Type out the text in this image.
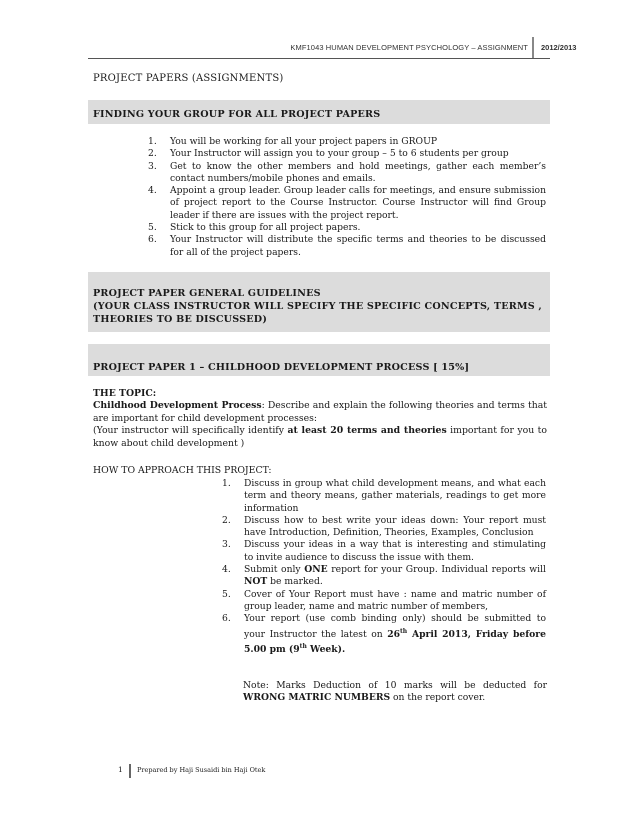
KMF1043 HUMAN DEVELOPMENT PSYCHOLOGY – ASSIGNMENT 2012/2013
PROJECT PAPERS (ASSIGNMENTS)
FINDING YOUR GROUP FOR ALL PROJECT PAPERS
1. You will be working for all your project papers in GROUP
2. Your Instructor will assign you to your group – 5 to 6 students per group
3. Get to know the other members and hold meetings, gather each member’s contact numbers/mobile phones and emails.
4. Appoint a group leader. Group leader calls for meetings, and ensure submission of project report to the Course Instructor. Course Instructor will find Group leader if there are issues with the project report.
5. Stick to this group for all project papers.
6. Your Instructor will distribute the specific terms and theories to be discussed for all of the project papers.
PROJECT PAPER GENERAL GUIDELINES
(YOUR CLASS INSTRUCTOR WILL SPECIFY THE SPECIFIC CONCEPTS, TERMS ,
THEORIES TO BE DISCUSSED)
PROJECT PAPER 1 – CHILDHOOD DEVELOPMENT PROCESS [ 15%]
THE TOPIC:
Childhood Development Process: Describe and explain the following theories and terms that are important for child development processes:
(Your instructor will specifically identify at least 20 terms and theories important for you to know about child development )
HOW TO APPROACH THIS PROJECT:
1. Discuss in group what child development means, and what each term and theory means, gather materials, readings to get more information
2. Discuss how to best write your ideas down: Your report must have Introduction, Definition, Theories, Examples, Conclusion
3. Discuss your ideas in a way that is interesting and stimulating to invite audience to discuss the issue with them.
4. Submit only ONE report for your Group. Individual reports will NOT be marked.
5. Cover of Your Report must have : name and matric number of group leader, name and matric number of members,
6. Your report (use comb binding only) should be submitted to your Instructor the latest on 26th April 2013, Friday before 5.00 pm (9th Week).
Note: Marks Deduction of 10 marks will be deducted for WRONG MATRIC NUMBERS on the report cover.
1 Prepared by Haji Susaidi bin Haji Otek
